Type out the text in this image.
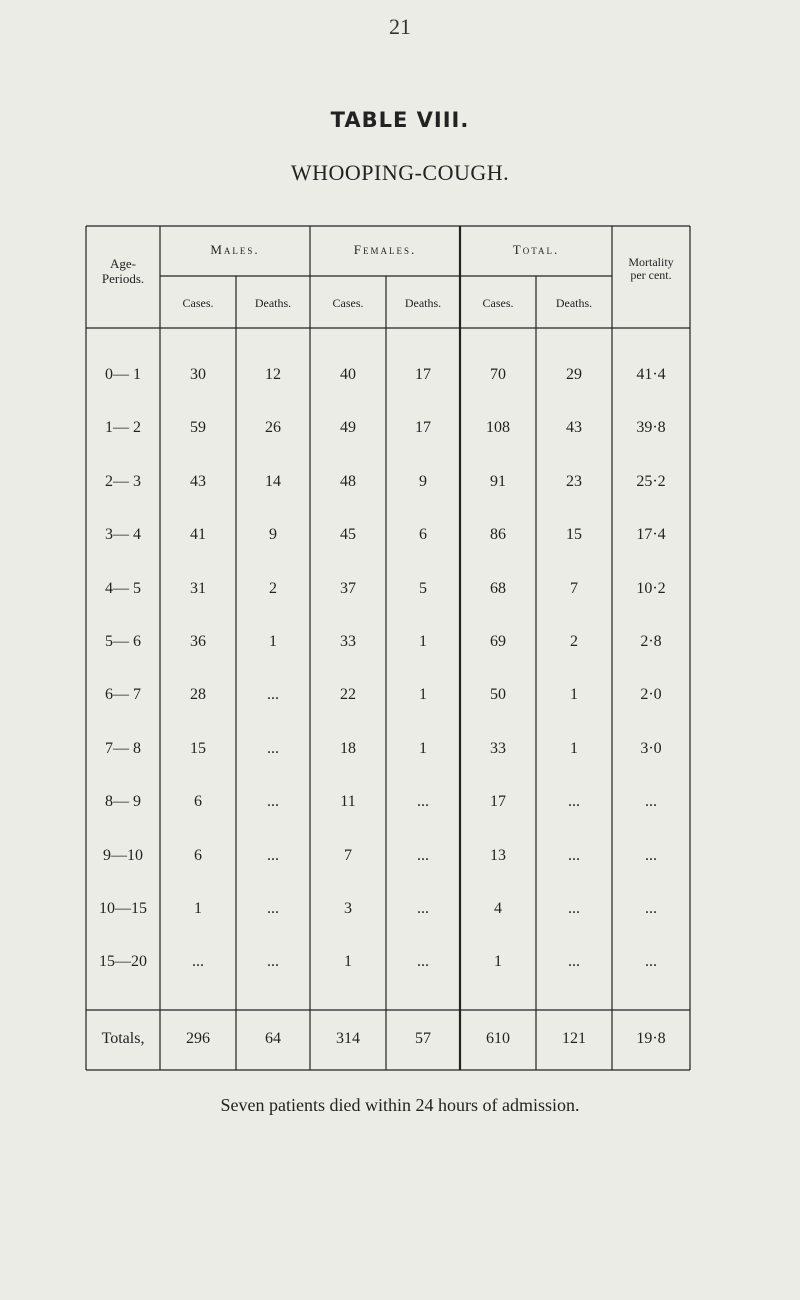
21
TABLE VIII.
WHOOPING-COUGH.
Age-
Periods.
Males.	Females.	Total.
Mortality
per cent.
Cases.	Deaths.	Cases.	Deaths.	Cases.	Deaths.
0— 1	30	12	40	17	70	29	41·4
1— 2	59	26	49	17	108	43	39·8
2— 3	43	14	48	9	91	23	25·2
3— 4	41	9	45	6	86	15	17·4
4— 5	31	2	37	5	68	7	10·2
5— 6	36	1	33	1	69	2	2·8
6— 7	28	...	22	1	50	1	2·0
7— 8	15	...	18	1	33	1	3·0
8— 9	6	...	11	...	17	...	...
9—10	6	...	7	...	13	...	...
10—15	1	...	3	...	4	...	...
15—20	...	...	1	...	1	...	...
Totals,	296	64	314	57	610	121	19·8
Seven patients died within 24 hours of admission.
